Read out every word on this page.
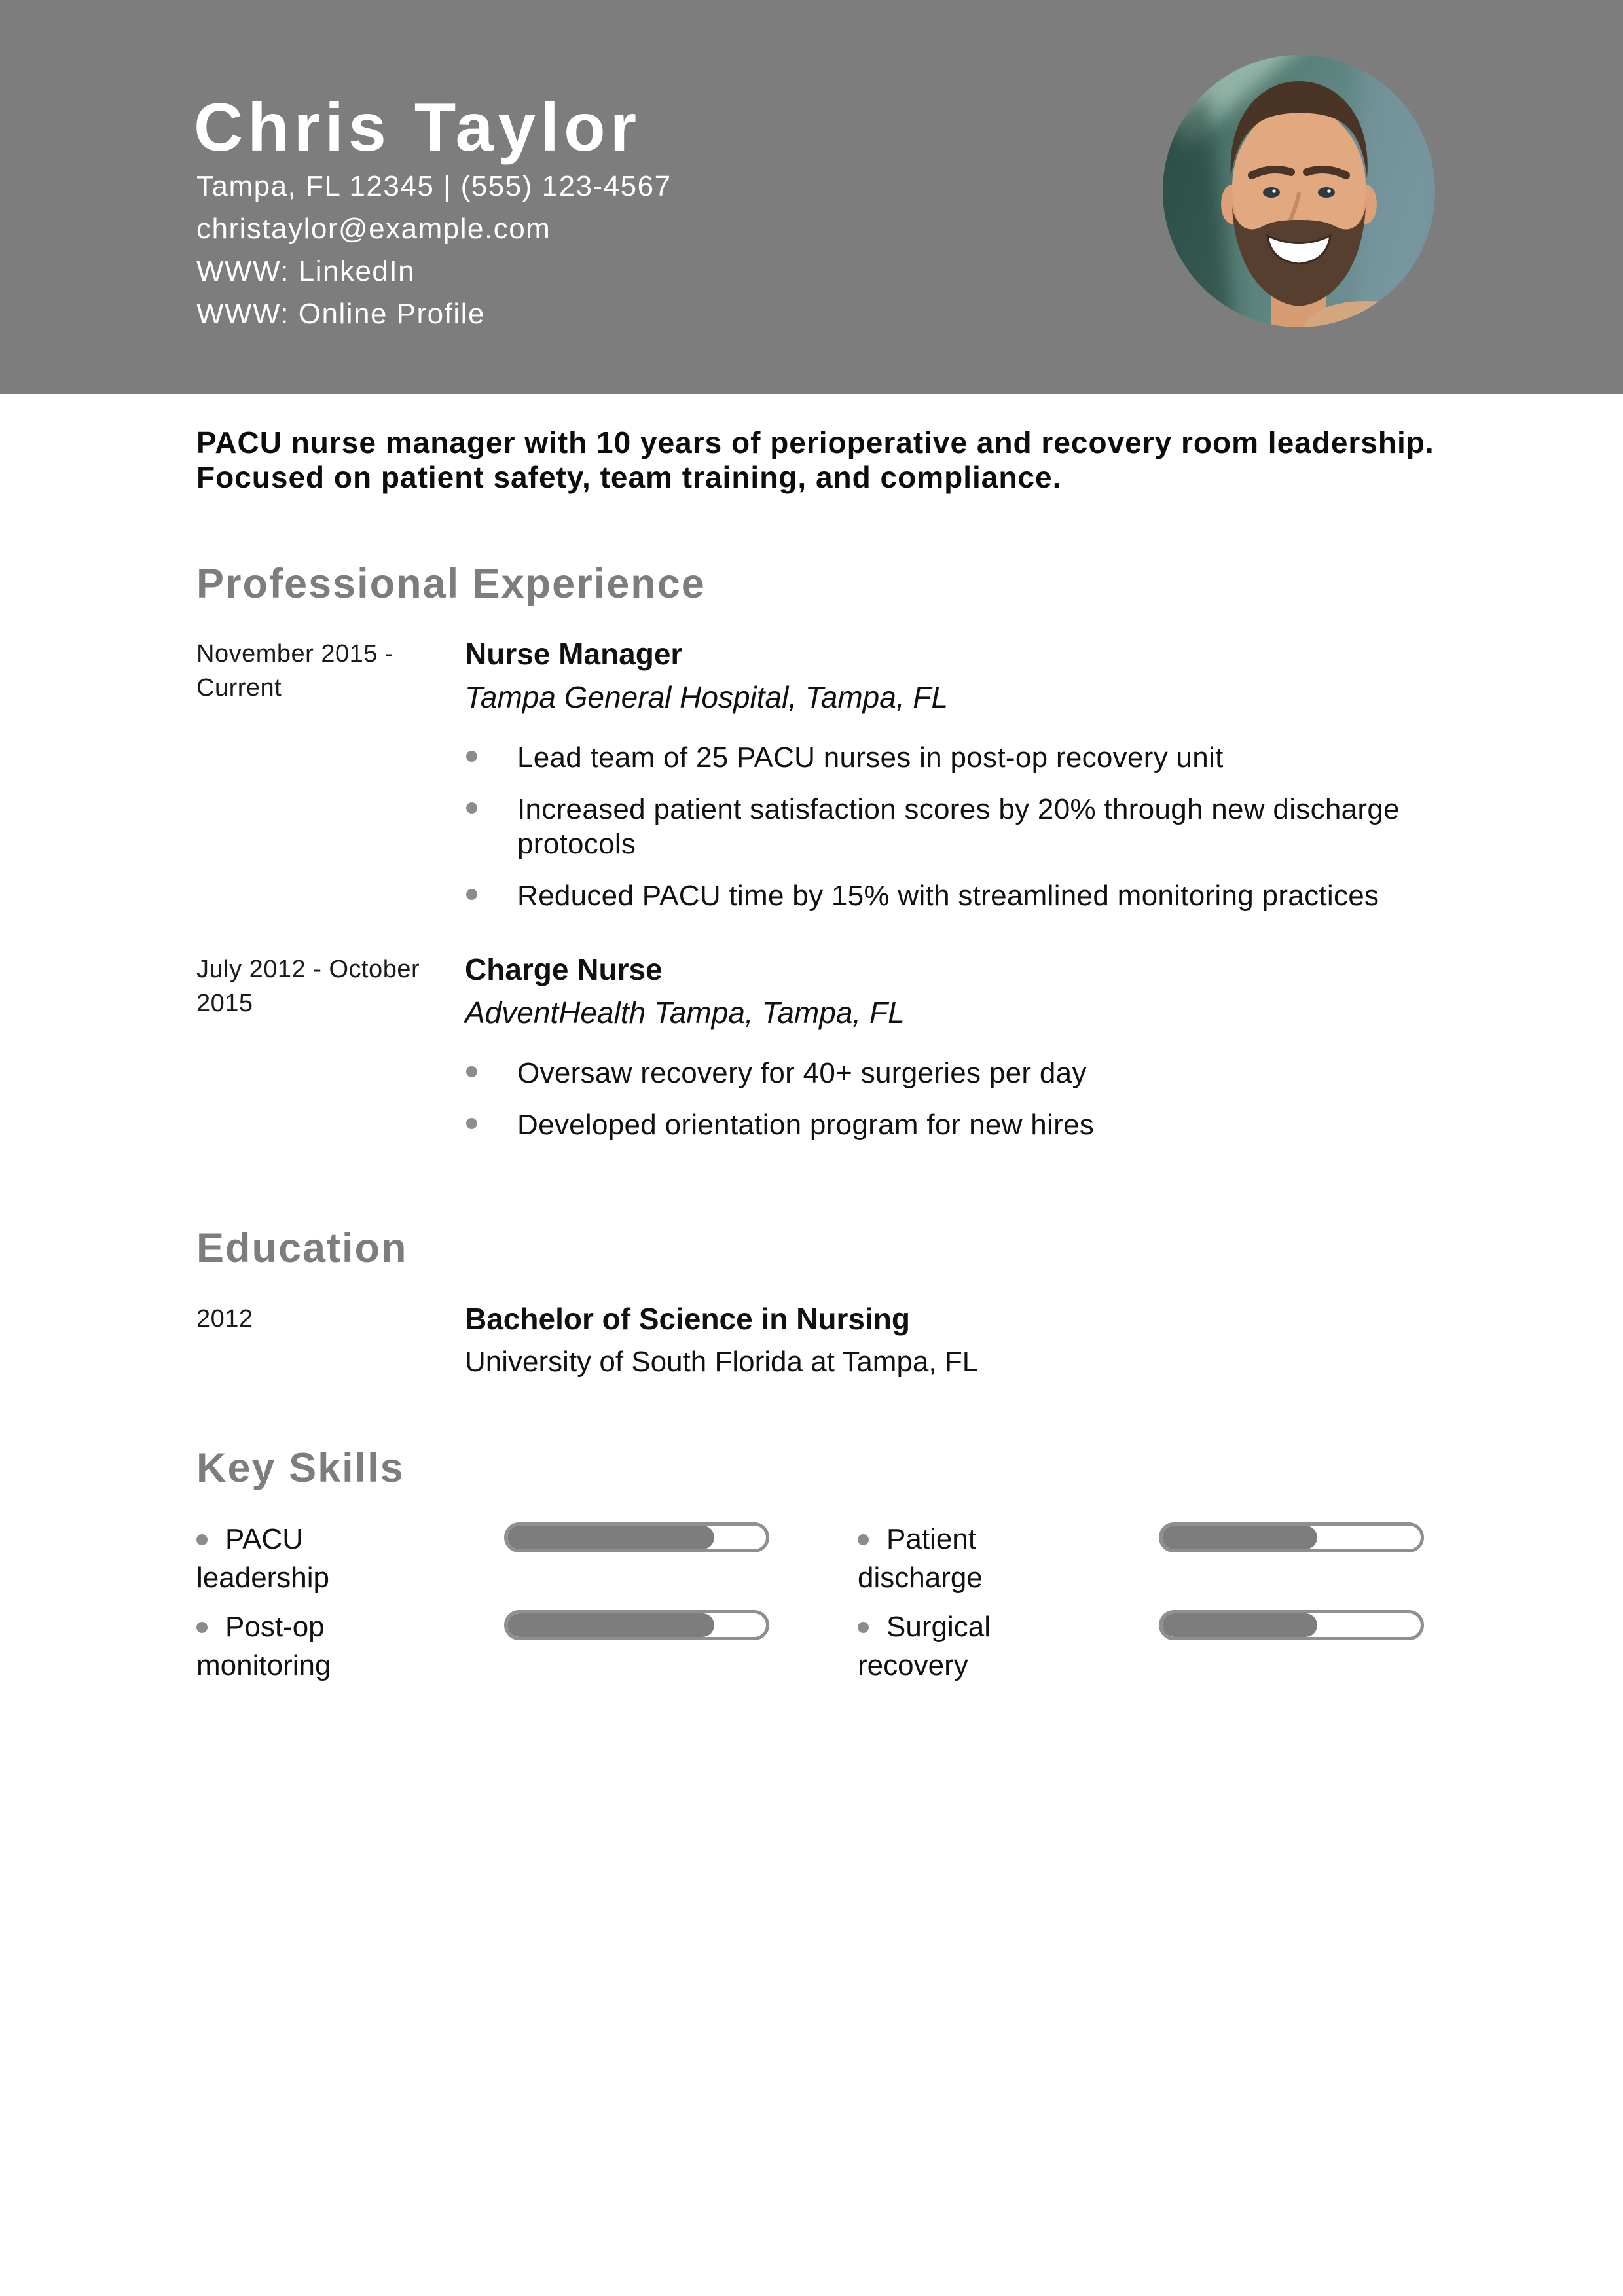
Chris Taylor
Tampa, FL 12345 | (555) 123-4567
christaylor@example.com
WWW: LinkedIn
WWW: Online Profile

PACU nurse manager with 10 years of perioperative and recovery room leadership. Focused on patient safety, team training, and compliance.

Professional Experience
November 2015 - Current
Nurse Manager
Tampa General Hospital, Tampa, FL
Lead team of 25 PACU nurses in post-op recovery unit
Increased patient satisfaction scores by 20% through new discharge protocols
Reduced PACU time by 15% with streamlined monitoring practices
July 2012 - October 2015
Charge Nurse
AdventHealth Tampa, Tampa, FL
Oversaw recovery for 40+ surgeries per day
Developed orientation program for new hires
Education
2012	Bachelor of Science in Nursing
University of South Florida at Tampa, FL
Key Skills
PACU leadership
Patient discharge
Post-op monitoring
Surgical recovery
